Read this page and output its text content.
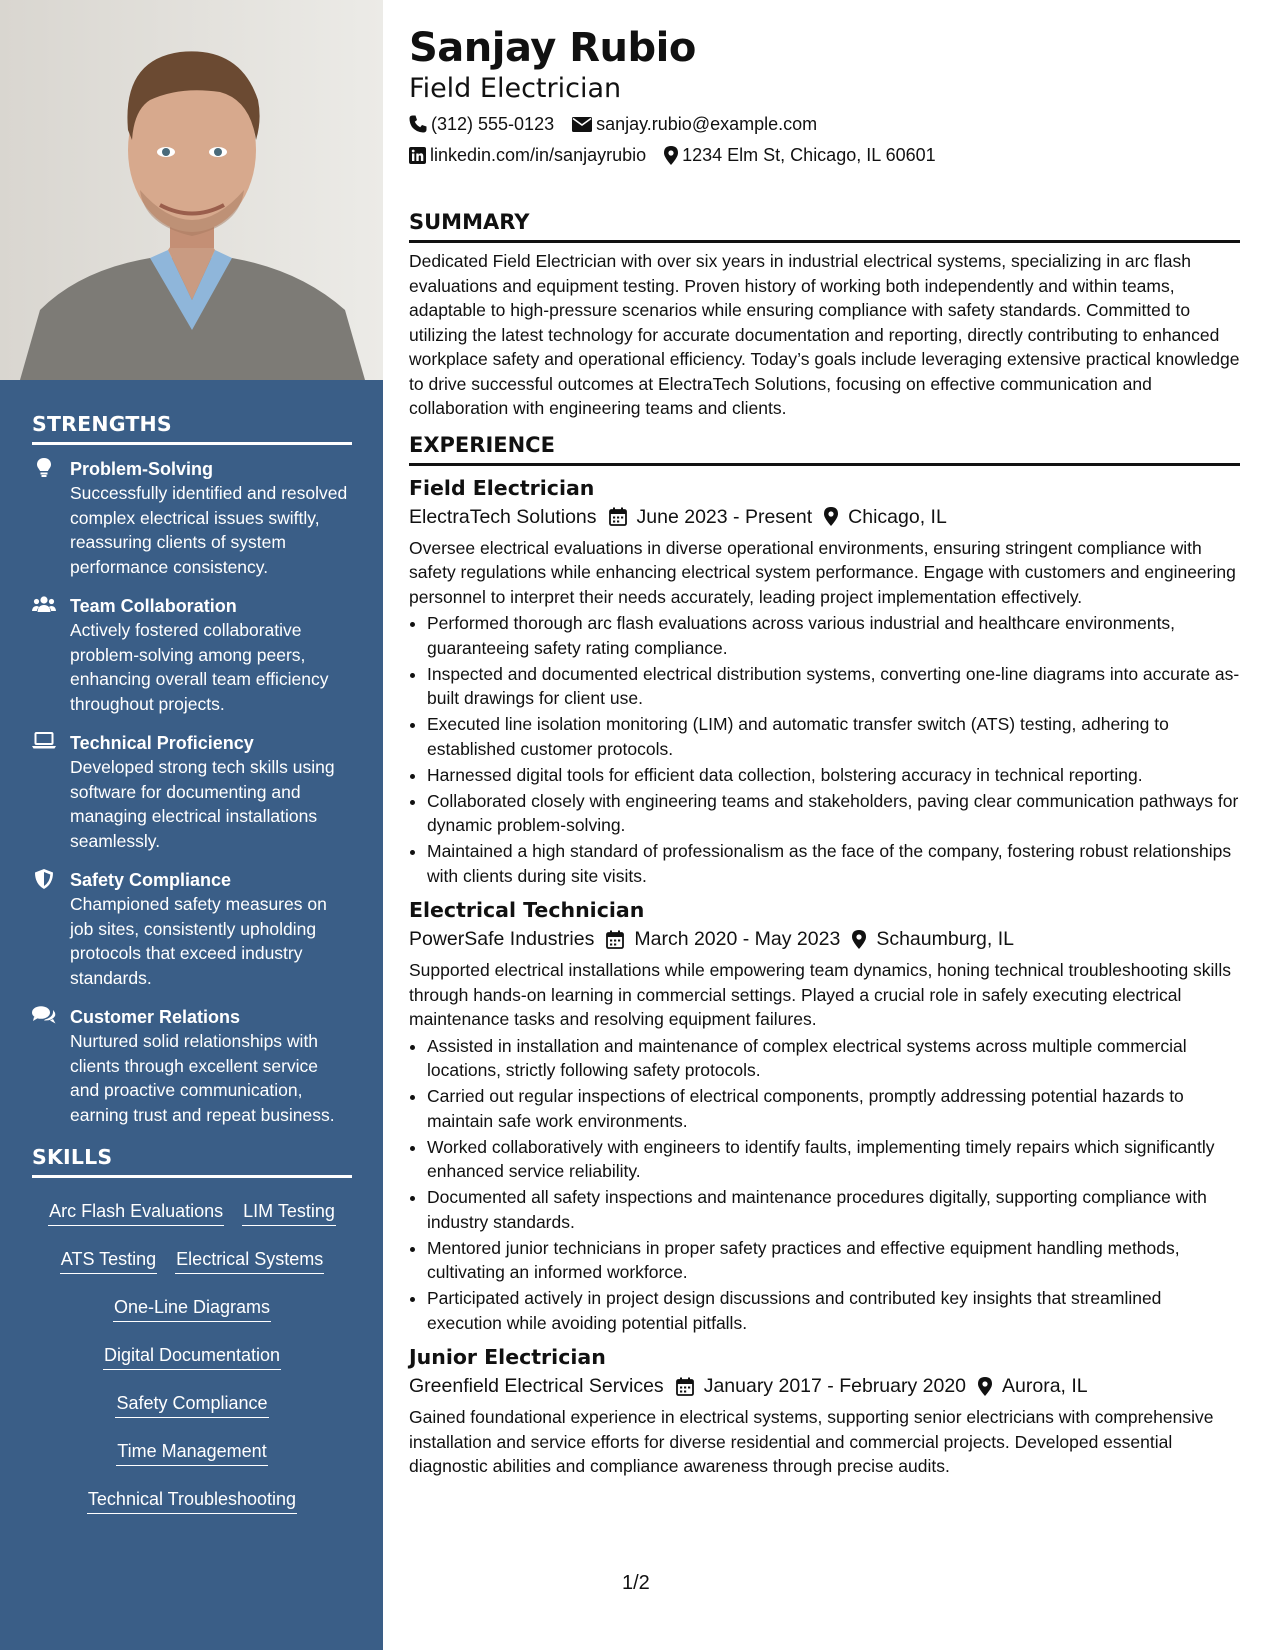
STRENGTHS
Problem-Solving
Successfully identified and resolved complex electrical issues swiftly, reassuring clients of system performance consistency.
Team Collaboration
Actively fostered collaborative problem-solving among peers, enhancing overall team efficiency throughout projects.
Technical Proficiency
Developed strong tech skills using software for documenting and managing electrical installations seamlessly.
Safety Compliance
Championed safety measures on job sites, consistently upholding protocols that exceed industry standards.
Customer Relations
Nurtured solid relationships with clients through excellent service and proactive communication, earning trust and repeat business.
SKILLS
Arc Flash Evaluations LIM Testing
ATS Testing Electrical Systems
One-Line Diagrams
Digital Documentation
Safety Compliance
Time Management
Technical Troubleshooting
Sanjay Rubio
Field Electrician
(312) 555-0123 sanjay.rubio@example.com
linkedin.com/in/sanjayrubio 1234 Elm St, Chicago, IL 60601
SUMMARY
Dedicated Field Electrician with over six years in industrial electrical systems, specializing in arc flash evaluations and equipment testing. Proven history of working both independently and within teams, adaptable to high-pressure scenarios while ensuring compliance with safety standards. Committed to utilizing the latest technology for accurate documentation and reporting, directly contributing to enhanced workplace safety and operational efficiency. Today’s goals include leveraging extensive practical knowledge to drive successful outcomes at ElectraTech Solutions, focusing on effective communication and collaboration with engineering teams and clients.
EXPERIENCE
Field Electrician
ElectraTech Solutions June 2023 - Present Chicago, IL
Oversee electrical evaluations in diverse operational environments, ensuring stringent compliance with safety regulations while enhancing electrical system performance. Engage with customers and engineering personnel to interpret their needs accurately, leading project implementation effectively.
• Performed thorough arc flash evaluations across various industrial and healthcare environments, guaranteeing safety rating compliance.
• Inspected and documented electrical distribution systems, converting one-line diagrams into accurate as-built drawings for client use.
• Executed line isolation monitoring (LIM) and automatic transfer switch (ATS) testing, adhering to established customer protocols.
• Harnessed digital tools for efficient data collection, bolstering accuracy in technical reporting.
• Collaborated closely with engineering teams and stakeholders, paving clear communication pathways for dynamic problem-solving.
• Maintained a high standard of professionalism as the face of the company, fostering robust relationships with clients during site visits.
Electrical Technician
PowerSafe Industries March 2020 - May 2023 Schaumburg, IL
Supported electrical installations while empowering team dynamics, honing technical troubleshooting skills through hands-on learning in commercial settings. Played a crucial role in safely executing electrical maintenance tasks and resolving equipment failures.
• Assisted in installation and maintenance of complex electrical systems across multiple commercial locations, strictly following safety protocols.
• Carried out regular inspections of electrical components, promptly addressing potential hazards to maintain safe work environments.
• Worked collaboratively with engineers to identify faults, implementing timely repairs which significantly enhanced service reliability.
• Documented all safety inspections and maintenance procedures digitally, supporting compliance with industry standards.
• Mentored junior technicians in proper safety practices and effective equipment handling methods, cultivating an informed workforce.
• Participated actively in project design discussions and contributed key insights that streamlined execution while avoiding potential pitfalls.
Junior Electrician
Greenfield Electrical Services January 2017 - February 2020 Aurora, IL
Gained foundational experience in electrical systems, supporting senior electricians with comprehensive installation and service efforts for diverse residential and commercial projects. Developed essential diagnostic abilities and compliance awareness through precise audits.
1/2
